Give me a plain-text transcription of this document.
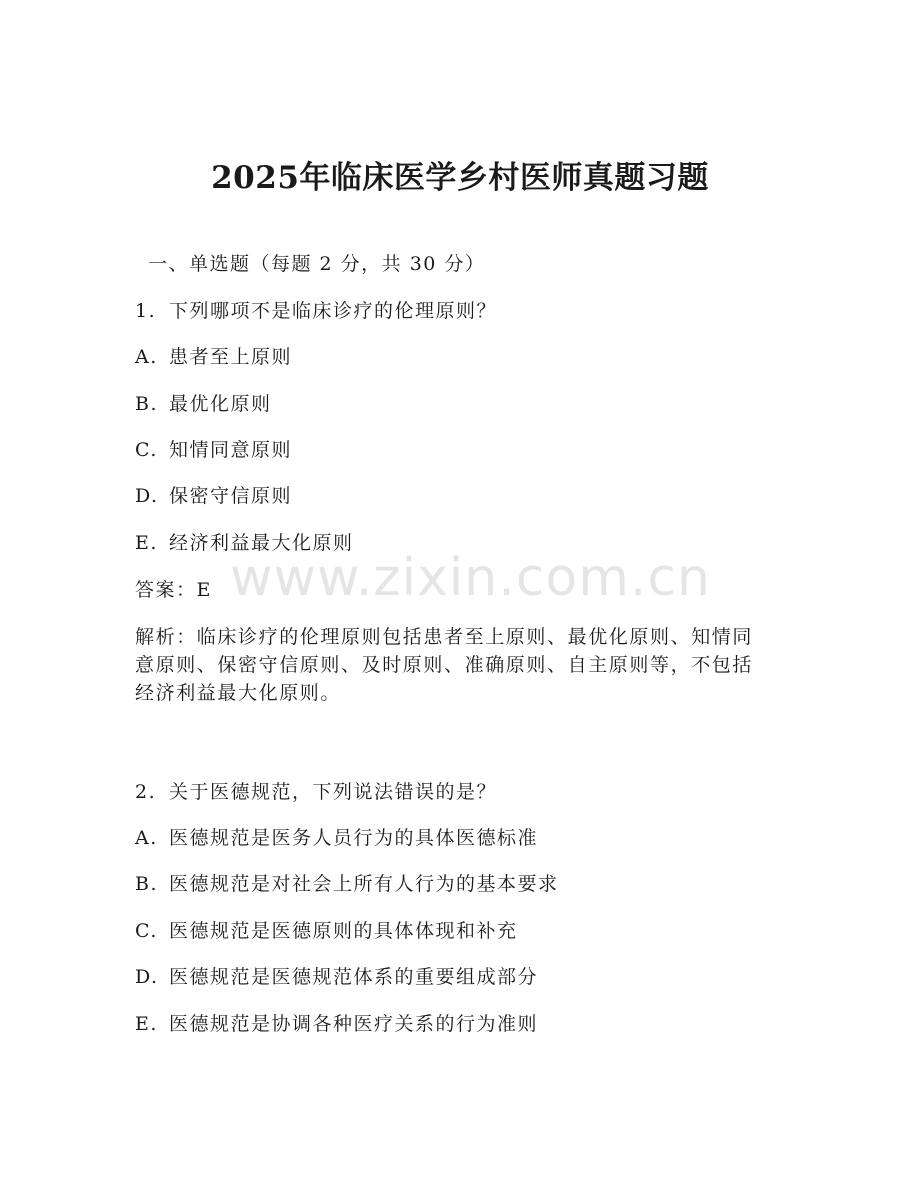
2025年临床医学乡村医师真题习题
一、单选题（每题 2 分，共 30 分）
1. 下列哪项不是临床诊疗的伦理原则？
A. 患者至上原则
B. 最优化原则
C. 知情同意原则
D. 保密守信原则
E. 经济利益最大化原则
答案：E
解析：临床诊疗的伦理原则包括患者至上原则、最优化原则、知情同
意原则、保密守信原则、及时原则、准确原则、自主原则等，不包括
经济利益最大化原则。
2. 关于医德规范，下列说法错误的是？
A. 医德规范是医务人员行为的具体医德标准
B. 医德规范是对社会上所有人行为的基本要求
C. 医德规范是医德原则的具体体现和补充
D. 医德规范是医德规范体系的重要组成部分
E. 医德规范是协调各种医疗关系的行为准则
www.zixin.com.cn
